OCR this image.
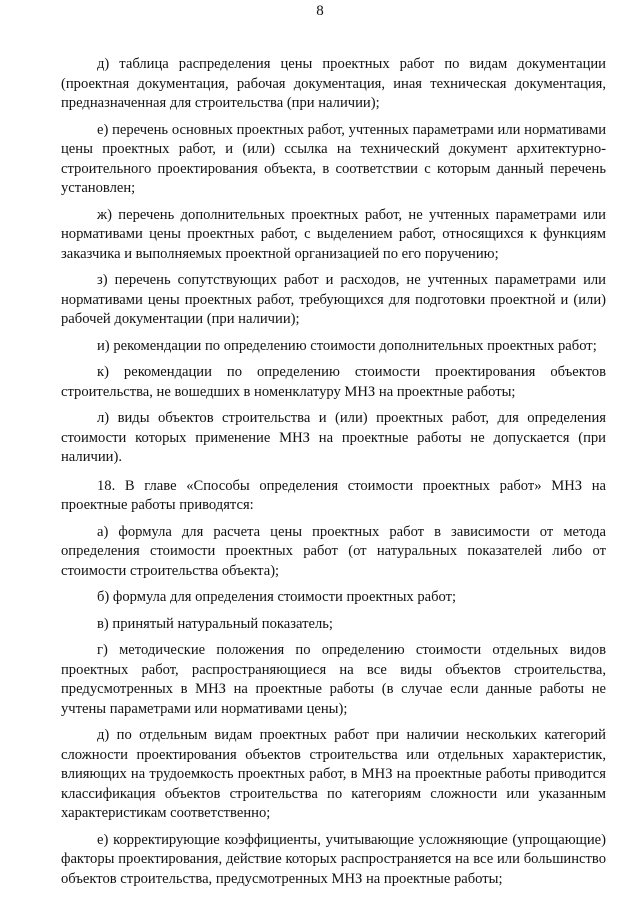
8

д) таблица распределения цены проектных работ по видам документации (проектная документация, рабочая документация, иная техническая документация, предназначенная для строительства (при наличии);

е) перечень основных проектных работ, учтенных параметрами или нормативами цены проектных работ, и (или) ссылка на технический документ архитектурно-строительного проектирования объекта, в соответствии с которым данный перечень установлен;

ж) перечень дополнительных проектных работ, не учтенных параметрами или нормативами цены проектных работ, с выделением работ, относящихся к функциям заказчика и выполняемых проектной организацией по его поручению;

з) перечень сопутствующих работ и расходов, не учтенных параметрами или нормативами цены проектных работ, требующихся для подготовки проектной и (или) рабочей документации (при наличии);

и) рекомендации по определению стоимости дополнительных проектных работ;

к) рекомендации по определению стоимости проектирования объектов строительства, не вошедших в номенклатуру МНЗ на проектные работы;

л) виды объектов строительства и (или) проектных работ, для определения стоимости которых применение МНЗ на проектные работы не допускается (при наличии).

18. В главе «Способы определения стоимости проектных работ» МНЗ на проектные работы приводятся:

а) формула для расчета цены проектных работ в зависимости от метода определения стоимости проектных работ (от натуральных показателей либо от стоимости строительства объекта);

б) формула для определения стоимости проектных работ;

в) принятый натуральный показатель;

г) методические положения по определению стоимости отдельных видов проектных работ, распространяющиеся на все виды объектов строительства, предусмотренных в МНЗ на проектные работы (в случае если данные работы не учтены параметрами или нормативами цены);

д) по отдельным видам проектных работ при наличии нескольких категорий сложности проектирования объектов строительства или отдельных характеристик, влияющих на трудоемкость проектных работ, в МНЗ на проектные работы приводится классификация объектов строительства по категориям сложности или указанным характеристикам соответственно;

е) корректирующие коэффициенты, учитывающие усложняющие (упрощающие) факторы проектирования, действие которых распространяется на все или большинство объектов строительства, предусмотренных МНЗ на проектные работы;
